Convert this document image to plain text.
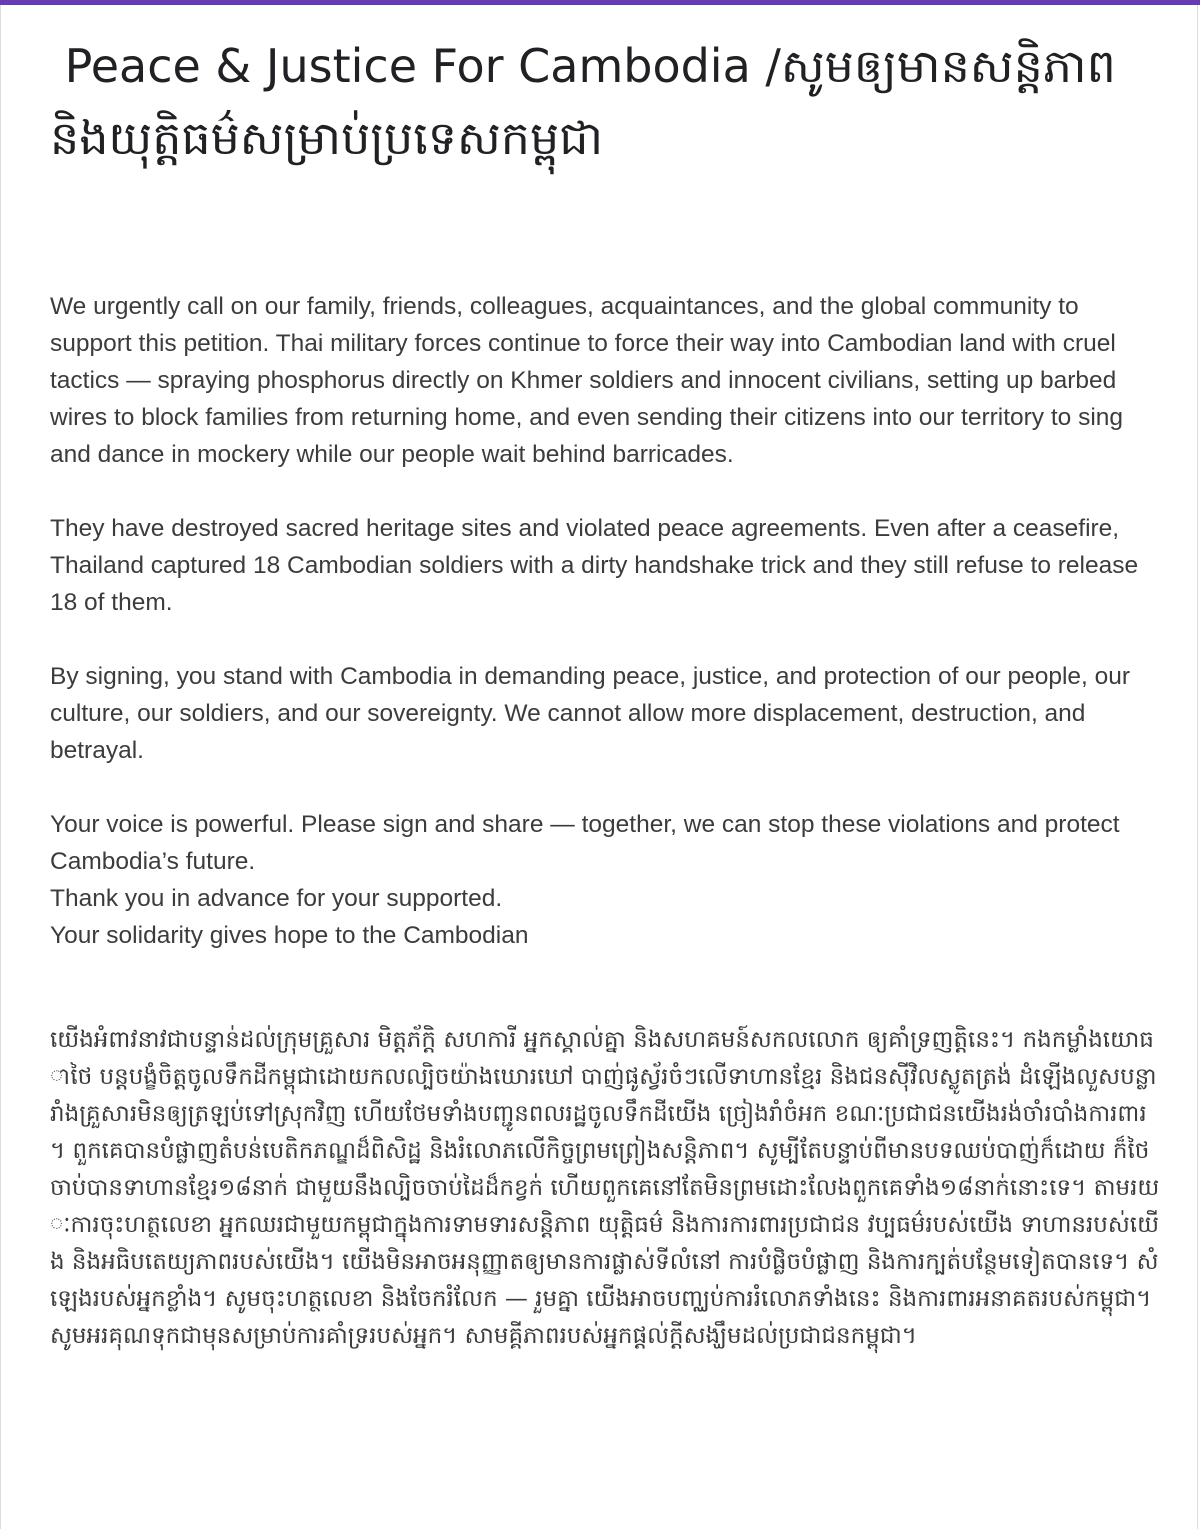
Peace & Justice For Cambodia /សូមឲ្យមានសន្តិភាព និងយុត្តិធម៌សម្រាប់ប្រទេសកម្ពុជា

We urgently call on our family, friends, colleagues, acquaintances, and the global community to support this petition. Thai military forces continue to force their way into Cambodian land with cruel tactics — spraying phosphorus directly on Khmer soldiers and innocent civilians, setting up barbed wires to block families from returning home, and even sending their citizens into our territory to sing and dance in mockery while our people wait behind barricades.

They have destroyed sacred heritage sites and violated peace agreements. Even after a ceasefire, Thailand captured 18 Cambodian soldiers with a dirty handshake trick and they still refuse to release 18 of them.

By signing, you stand with Cambodia in demanding peace, justice, and protection of our people, our culture, our soldiers, and our sovereignty. We cannot allow more displacement, destruction, and betrayal.

Your voice is powerful. Please sign and share — together, we can stop these violations and protect Cambodia’s future.
Thank you in advance for your supported.
Your solidarity gives hope to the Cambodian

យើងអំពាវនាវជាបន្ទាន់ដល់ក្រុមគ្រួសារ មិត្តភ័ក្តិ សហការី អ្នកស្គាល់គ្នា និងសហគមន៍សកលលោក ឲ្យគាំទ្រញត្តិនេះ។ កងកម្លាំងយោធាថៃ បន្តបង្ខំចិត្តចូលទឹកដីកម្ពុជាដោយកលល្បិចយ៉ាងឃោរឃៅ បាញ់ផូស្វ័រចំៗលើទាហានខ្មែរ និងជនស៊ីវិលស្លូតត្រង់ ដំឡើងលួសបន្លា រាំងគ្រួសារមិនឲ្យត្រឡប់ទៅស្រុកវិញ ហើយថែមទាំងបញ្ជូនពលរដ្ឋចូលទឹកដីយើង ច្រៀងរាំចំអក ខណៈប្រជាជនយើងរង់ចាំរបាំងការពារ។ ពួកគេបានបំផ្លាញតំបន់បេតិកភណ្ឌដ៏ពិសិដ្ឋ និងរំលោភលើកិច្ចព្រមព្រៀងសន្តិភាព។ សូម្បីតែបន្ទាប់ពីមានបទឈប់បាញ់ក៏ដោយ ក៏ថៃចាប់បានទាហានខ្មែរ១៨នាក់ ជាមួយនឹងល្បិចចាប់ដៃដ៏កខ្វក់ ហើយពួកគេនៅតែមិនព្រមដោះលែងពួកគេទាំង១៨នាក់នោះទេ។ តាមរយៈការចុះហត្ថលេខា អ្នកឈរជាមួយកម្ពុជាក្នុងការទាមទារសន្តិភាព យុត្តិធម៌ និងការការពារប្រជាជន វប្បធម៌របស់យើង ទាហានរបស់យើង និងអធិបតេយ្យភាពរបស់យើង។ យើងមិនអាចអនុញ្ញាតឲ្យមានការផ្លាស់ទីលំនៅ ការបំផ្លិចបំផ្លាញ និងការក្បត់បន្ថែមទៀតបានទេ។ សំឡេងរបស់អ្នកខ្លាំង។ សូមចុះហត្ថលេខា និងចែករំលែក — រួមគ្នា យើងអាចបញ្ឈប់ការរំលោភទាំងនេះ និងការពារអនាគតរបស់កម្ពុជា។ សូមអរគុណទុកជាមុនសម្រាប់ការគាំទ្ររបស់អ្នក។ សាមគ្គីភាពរបស់អ្នកផ្តល់ក្តីសង្ឃឹមដល់ប្រជាជនកម្ពុជា។
